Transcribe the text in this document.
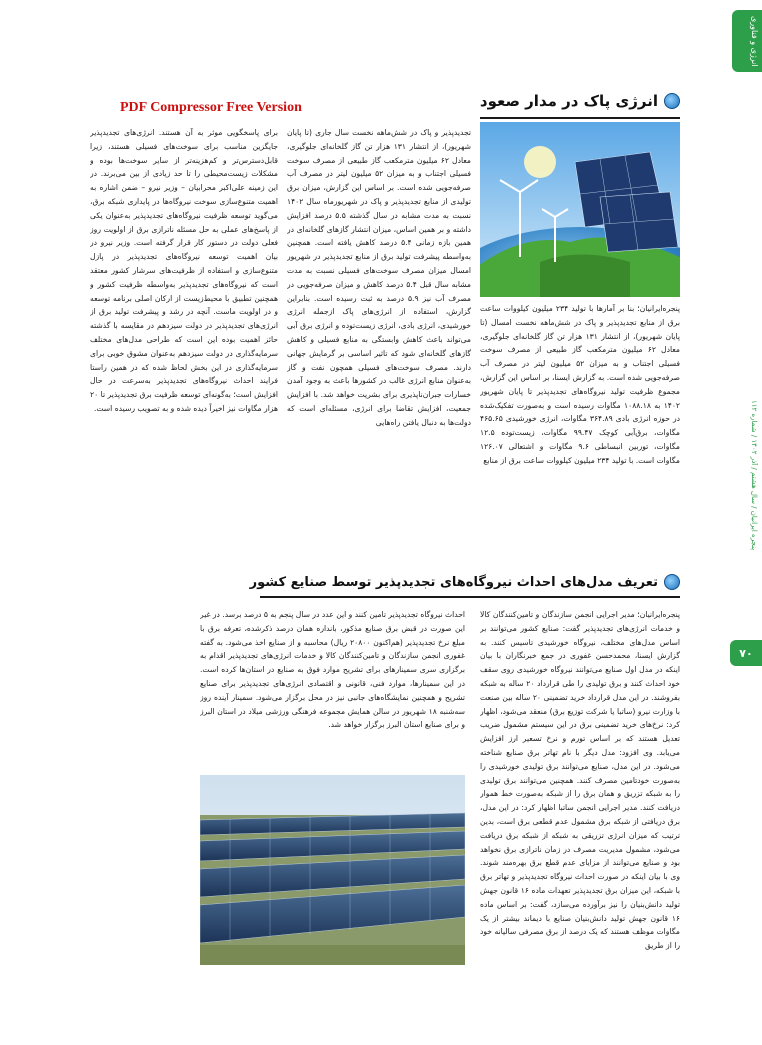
PDF Compressor Free Version
انرژی و فناوری
پنجره ایرانیان / سال هشتم / آذر ۱۴۰۲ / شماره ۱۱۲
۷۰
انرژی پاک در مدار صعود

پنجره‌ایرانیان؛ بنا بر آمارها با تولید ۲۳۴ میلیون کیلووات ساعت برق از منابع تجدیدپذیر و پاک در شش‌ماهه نخست امسال (تا پایان شهریور)، از انتشار ۱۳۱ هزار تن گاز گلخانه‌ای جلوگیری، معادل ۶۲ میلیون مترمکعب گاز طبیعی از مصرف سوخت فسیلی اجتناب و به میزان ۵۲ میلیون لیتر در مصرف آب صرفه‌جویی شده است. به گزارش ایسنا، بر اساس این گزارش، مجموع ظرفیت تولید نیروگاه‌های تجدیدپذیر تا پایان شهریور ۱۴۰۲ به ۱۰۸۸.۱۸ مگاوات رسیده است و به‌صورت تفکیک‌شده در حوزه انرژی بادی ۳۶۴.۸۹ مگاوات، انرژی خورشیدی ۴۶۵.۶۵ مگاوات، برق‌آبی کوچک ۹۹.۴۷ مگاوات، زیست‌توده ۱۲.۵ مگاوات، توربین انبساطی ۹.۶ مگاوات و اشتعالی ۱۲۶.۰۷ مگاوات است. با تولید ۲۳۴ میلیون کیلووات ساعت برق از منابع

تجدیدپذیر و پاک در شش‌ماهه نخست سال جاری (تا پایان شهریور)، از انتشار ۱۳۱ هزار تن گاز گلخانه‌ای جلوگیری، معادل ۶۲ میلیون مترمکعب گاز طبیعی از مصرف سوخت فسیلی اجتناب و به میزان ۵۲ میلیون لیتر در مصرف آب صرفه‌جویی شده است. بر اساس این گزارش، میزان برق تولیدی از منابع تجدیدپذیر و پاک در شهریورماه سال ۱۴۰۲ نسبت به مدت مشابه در سال گذشته ۵.۵ درصد افزایش داشته و بر همین اساس، میزان انتشار گازهای گلخانه‌ای در همین بازه زمانی ۵.۴ درصد کاهش یافته است. همچنین به‌واسطه پیشرفت تولید برق از منابع تجدیدپذیر در شهریور امسال میزان مصرف سوخت‌های فسیلی نسبت به مدت مشابه سال قبل ۵.۴ درصد کاهش و میزان صرفه‌جویی در مصرف آب نیز ۵.۹ درصد به ثبت رسیده است. بنابراین گزارش، استفاده از انرژی‌های پاک ازجمله انرژی خورشیدی، انرژی بادی، انرژی زیست‌توده و انرژی برق آبی می‌تواند باعث کاهش وابستگی به منابع فسیلی و کاهش گازهای گلخانه‌ای شود که تاثیر اساسی بر گرمایش جهانی دارند. مصرف سوخت‌های فسیلی همچون نفت و گاز به‌عنوان منابع انرژی غالب در کشورها باعث به وجود آمدن خسارات جبران‌ناپذیری برای بشریت خواهد شد. با افزایش جمعیت، افزایش تقاضا برای انرژی، مسئله‌ای است که دولت‌ها به دنبال یافتن راه‌هایی

برای پاسخگویی موثر به آن هستند. انرژی‌های تجدیدپذیر جایگزین مناسب برای سوخت‌های فسیلی هستند، زیرا قابل‌دسترس‌تر و کم‌هزینه‌تر از سایر سوخت‌ها بوده و مشکلات زیست‌محیطی را تا حد زیادی از بین می‌برند. در این زمینه علی‌اکبر محرابیان – وزیر نیرو – ضمن اشاره به اهمیت متنوع‌سازی سوخت نیروگاه‌ها در پایداری شبکه برق، می‌گوید توسعه ظرفیت نیروگاه‌های تجدیدپذیر به‌عنوان یکی از پاسخ‌های عملی به حل مسئله ناترازی برق از اولویت روز فعلی دولت در دستور کار قرار گرفته است. وزیر نیرو در بیان اهمیت توسعه نیروگاه‌های تجدیدپذیر در پازل متنوع‌سازی و استفاده از ظرفیت‌های سرشار کشور معتقد است که نیروگاه‌های تجدیدپذیر به‌واسطه ظرفیت کشور و همچنین تطبیق با محیط‌زیست از ارکان اصلی برنامه توسعه و در اولویت ماست. آنچه در رشد و پیشرفت تولید برق از انرژی‌های تجدیدپذیر در دولت سیزدهم در مقایسه با گذشته حائز اهمیت بوده این است که طراحی مدل‌های مختلف سرمایه‌گذاری در دولت سیزدهم به‌عنوان مشوق خوبی برای سرمایه‌گذاری در این بخش لحاظ شده که در همین راستا فرایند احداث نیروگاه‌های تجدیدپذیر به‌سرعت در حال افزایش است؛ به‌گونه‌ای توسعه ظرفیت برق تجدیدپذیر تا ۲۰ هزار مگاوات نیز اخیراً دیده شده و به تصویب رسیده است.

تعریف مدل‌های احداث نیروگاه‌های تجدیدپذیر توسط صنایع کشور

پنجره‌ایرانیان؛ مدیر اجرایی انجمن سازندگان و تامین‌کنندگان کالا و خدمات انرژی‌های تجدیدپذیر گفت: صنایع کشور می‌توانند بر اساس مدل‌های مختلف، نیروگاه خورشیدی تاسیس کنند. به گزارش ایسنا، محمدحسن غفوری در جمع خبرنگاران با بیان اینکه در مدل اول صنایع می‌توانند نیروگاه خورشیدی روی سقف خود احداث کنند و برق تولیدی را طی قرارداد ۲۰ ساله به شبکه بفروشند. در این مدل قرارداد خرید تضمینی ۲۰ ساله بین صنعت با وزارت نیرو (ساتبا یا شرکت توزیع برق) منعقد می‌شود، اظهار کرد: نرخ‌های خرید تضمینی برق در این سیستم مشمول ضریب تعدیل هستند که بر اساس تورم و نرخ تسعیر ارز افزایش می‌یابد. وی افزود: مدل دیگر با نام تهاتر برق صنایع شناخته می‌شود. در این مدل، صنایع می‌توانند برق تولیدی خورشیدی را به‌صورت خودتامین مصرف کنند. همچنین می‌توانند برق تولیدی را به شبکه تزریق و همان برق را از شبکه به‌صورت خط هموار دریافت کنند. مدیر اجرایی انجمن ساتبا اظهار کرد: در این مدل، برق دریافتی از شبکه برق مشمول عدم قطعی برق است، بدین ترتیب که میزان انرژی تزریقی به شبکه از شبکه برق دریافت می‌شود، مشمول مدیریت مصرف در زمان ناترازی برق نخواهد بود و صنایع می‌توانند از مزایای عدم قطع برق بهره‌مند شوند. وی با بیان اینکه در صورت احداث نیروگاه تجدیدپذیر و تهاتر برق با شبکه، این میزان برق تجدیدپذیر تعهدات ماده ۱۶ قانون جهش تولید دانش‌بنیان را نیز برآورده می‌سازد، گفت: بر اساس ماده ۱۶ قانون جهش تولید دانش‌بنیان صنایع با دیماند بیشتر از یک مگاوات موظف هستند که یک درصد از برق مصرفی سالیانه خود را از طریق

احداث نیروگاه تجدیدپذیر تامین کنند و این عدد در سال پنجم به ۵ درصد برسد. در غیر این صورت در قبض برق صنایع مذکور، بانداره همان درصد ذکرشده، تعرفه برق با مبلغ نرخ تجدیدپذیر (هم‌اکنون ۲۰۸۰۰ ریال) محاسبه و از صنایع اخذ می‌شود. به گفته غفوری انجمن سازندگان و تامین‌کنندگان کالا و خدمات انرژی‌های تجدیدپذیر اقدام به برگزاری سری سمینارهای برای تشریح موارد فوق به صنایع در استان‌ها کرده است. در این سمینارها، موارد فنی، قانونی و اقتصادی انرژی‌های تجدیدپذیر برای صنایع تشریح و همچنین نمایشگاه‌های جانبی نیز در محل برگزار می‌شود. سمینار آینده روز سه‌شنبه ۱۸ شهریور در سالن همایش مجموعه فرهنگی ورزشی میلاد در استان البرز و برای صنایع استان البرز برگزار خواهد شد.
